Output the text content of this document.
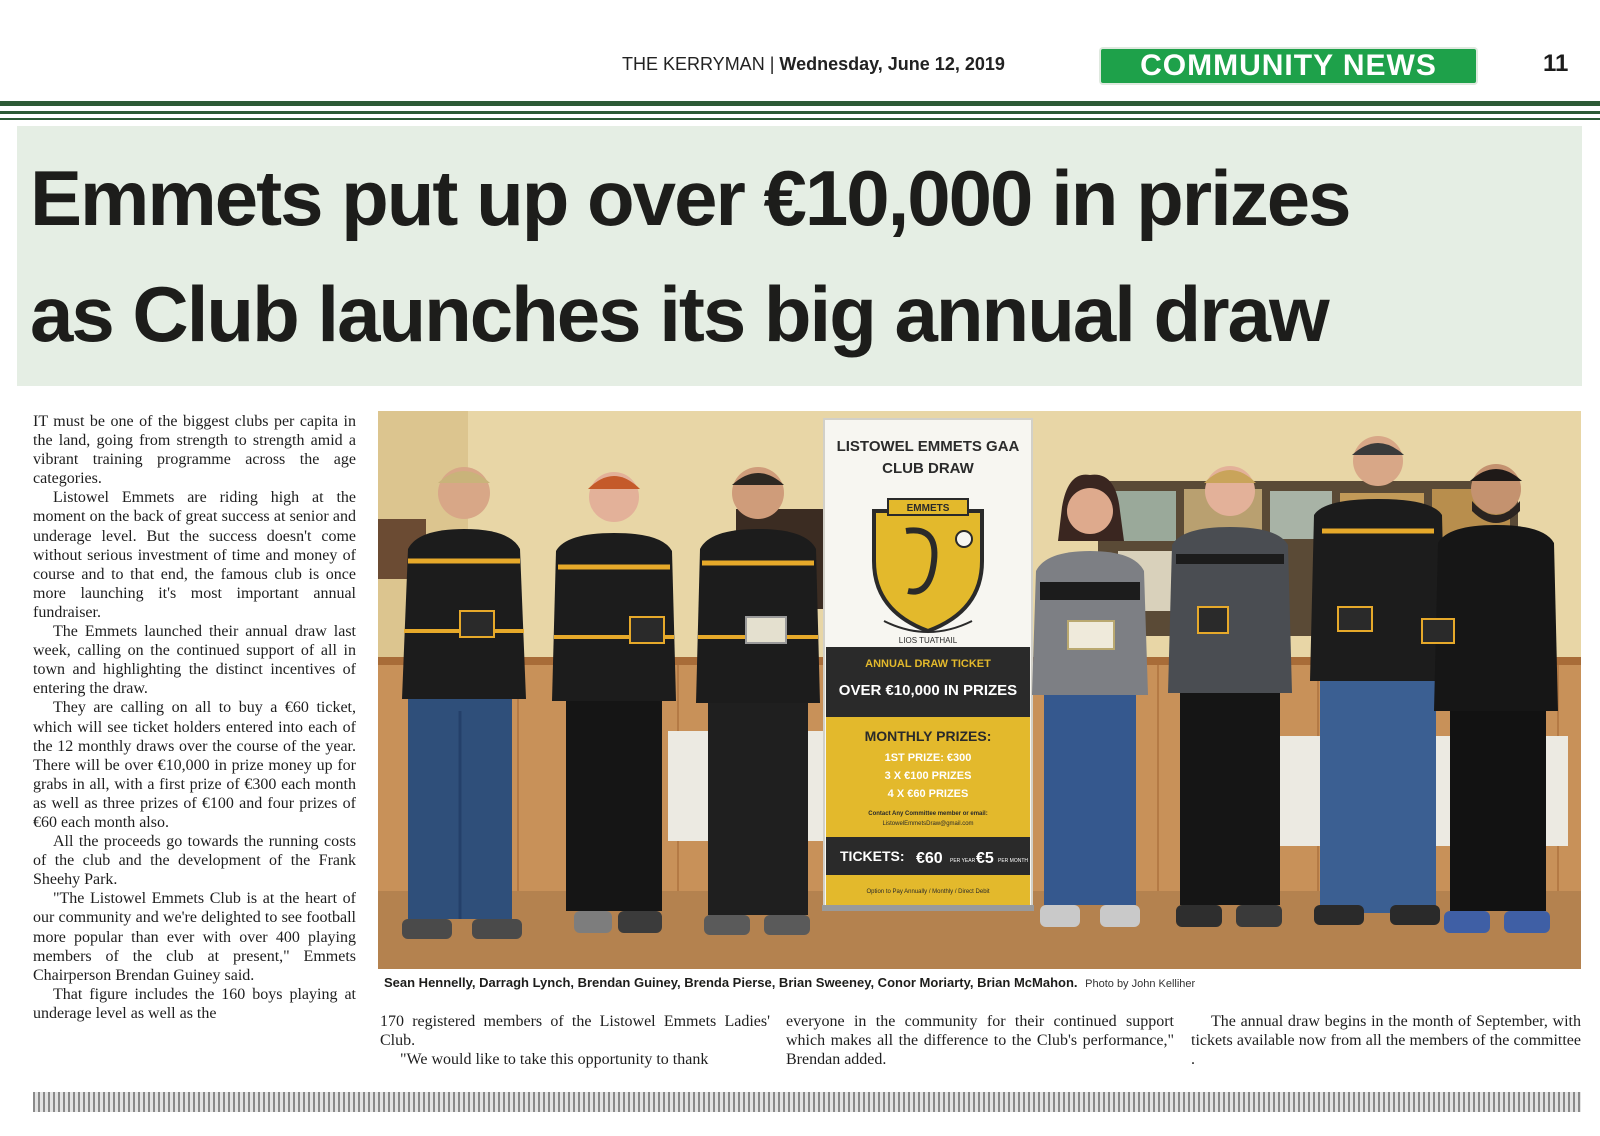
THE KERRYMAN | Wednesday, June 12, 2019	COMMUNITY NEWS	11
Emmets put up over €10,000 in prizes
as Club launches its big annual draw

IT must be one of the biggest clubs per capita in the land, going from strength to strength amid a vibrant training programme across the age categories.

Listowel Emmets are riding high at the moment on the back of great success at senior and underage level. But the success doesn't come without serious investment of time and money of course and to that end, the famous club is once more launching it's most important annual fundraiser.

The Emmets launched their annual draw last week, calling on the continued support of all in town and highlighting the distinct incentives of entering the draw.

They are calling on all to buy a €60 ticket, which will see ticket holders entered into each of the 12 monthly draws over the course of the year. There will be over €10,000 in prize money up for grabs in all, with a first prize of €300 each month as well as three prizes of €100 and four prizes of €60 each month also.

All the proceeds go towards the running costs of the club and the development of the Frank Sheehy Park.

"The Listowel Emmets Club is at the heart of our community and we're delighted to see football more popular than ever with over 400 playing members of the club at present," Emmets Chairperson Brendan Guiney said.

That figure includes the 160 boys playing at underage level as well as the

LISTOWEL EMMETS GAA
CLUB DRAW
EMMETS
LIOS TUATHAIL
ANNUAL DRAW TICKET
OVER €10,000 IN PRIZES
MONTHLY PRIZES:
1ST PRIZE: €300
3 X €100 PRIZES
4 X €60 PRIZES
Contact Any Committee member or email:
ListowelEmmetsDraw@gmail.com
TICKETS: €60 PER YEAR €5 PER MONTH
Option to Pay Annually / Monthly / Direct Debit
Sean Hennelly, Darragh Lynch, Brendan Guiney, Brenda Pierse, Brian Sweeney, Conor Moriarty, Brian McMahon. Photo by John Kelliher

170 registered members of the Listowel Emmets Ladies' Club.

"We would like to take this opportunity to thank

everyone in the community for their continued support which makes all the difference to the Club's performance," Brendan added.

The annual draw begins in the month of September, with tickets available now from all the members of the committee .
